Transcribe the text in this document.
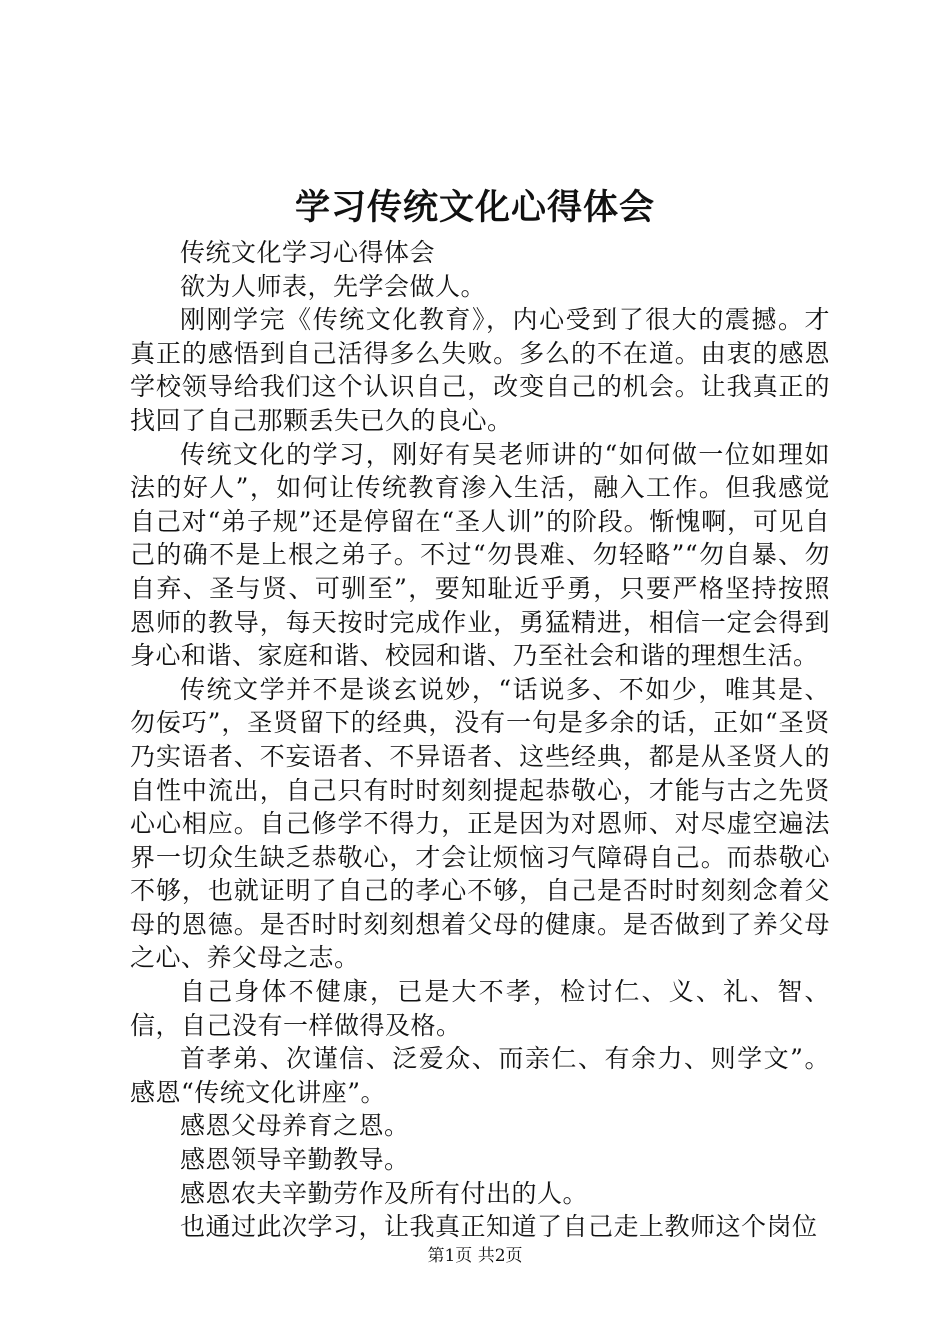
学习传统文化心得体会

传统文化学习心得体会

欲为人师表，先学会做人。

刚刚学完《传统文化教育》，内心受到了很大的震撼。才真正的感悟到自己活得多么失败。多么的不在道。由衷的感恩学校领导给我们这个认识自己，改变自己的机会。让我真正的找回了自己那颗丢失已久的良心。

传统文化的学习，刚好有吴老师讲的“如何做一位如理如法的好人”，如何让传统教育渗入生活，融入工作。但我感觉自己对“弟子规”还是停留在“圣人训”的阶段。惭愧啊，可见自己的确不是上根之弟子。不过“勿畏难、勿轻略”“勿自暴、勿自弃、圣与贤、可驯至”，要知耻近乎勇，只要严格坚持按照恩师的教导，每天按时完成作业，勇猛精进，相信一定会得到身心和谐、家庭和谐、校园和谐、乃至社会和谐的理想生活。

传统文学并不是谈玄说妙，“话说多、不如少，唯其是、勿佞巧”，圣贤留下的经典，没有一句是多余的话，正如“圣贤乃实语者、不妄语者、不异语者、这些经典，都是从圣贤人的自性中流出，自己只有时时刻刻提起恭敬心，才能与古之先贤心心相应。自己修学不得力，正是因为对恩师、对尽虚空遍法界一切众生缺乏恭敬心，才会让烦恼习气障碍自己。而恭敬心不够，也就证明了自己的孝心不够，自己是否时时刻刻念着父母的恩德。是否时时刻刻想着父母的健康。是否做到了养父母之心、养父母之志。

自己身体不健康，已是大不孝，检讨仁、义、礼、智、信，自己没有一样做得及格。

首孝弟、次谨信、泛爱众、而亲仁、有余力、则学文”。感恩“传统文化讲座”。

感恩父母养育之恩。

感恩领导辛勤教导。

感恩农夫辛勤劳作及所有付出的人。

也通过此次学习，让我真正知道了自己走上教师这个岗位

第1页 共2页
